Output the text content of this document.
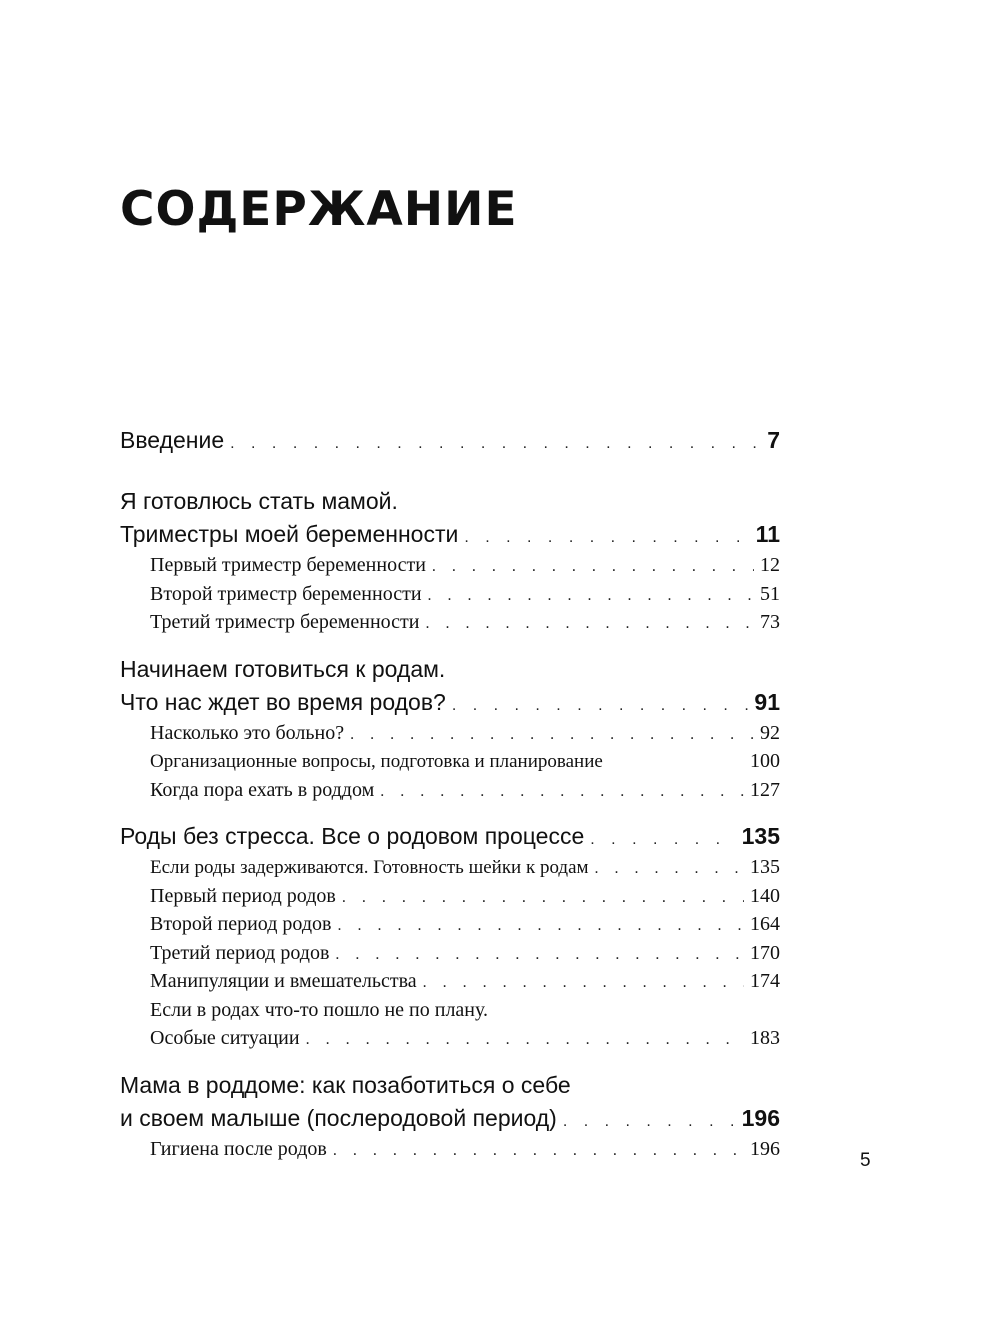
СОДЕРЖАНИЕ
Введение . . .	7
Я готовлюсь стать мамой.
Триместры моей беременности . . .	11
Первый триместр беременности . . .	12
Второй триместр беременности . . .	51
Третий триместр беременности . . .	73
Начинаем готовиться к родам.
Что нас ждет во время родов? . . .	91
Насколько это больно? . . .	92
Организационные вопросы, подготовка и планирование	100
Когда пора ехать в роддом . . .	127
Роды без стресса. Все о родовом процессе . . .	135
Если роды задерживаются. Готовность шейки к родам . . .	135
Первый период родов . . .	140
Второй период родов . . .	164
Третий период родов . . .	170
Манипуляции и вмешательства . . .	174
Если в родах что-то пошло не по плану.
Особые ситуации . . .	183
Мама в роддоме: как позаботиться о себе
и своем малыше (послеродовой период) . . .	196
Гигиена после родов . . .	196
5
